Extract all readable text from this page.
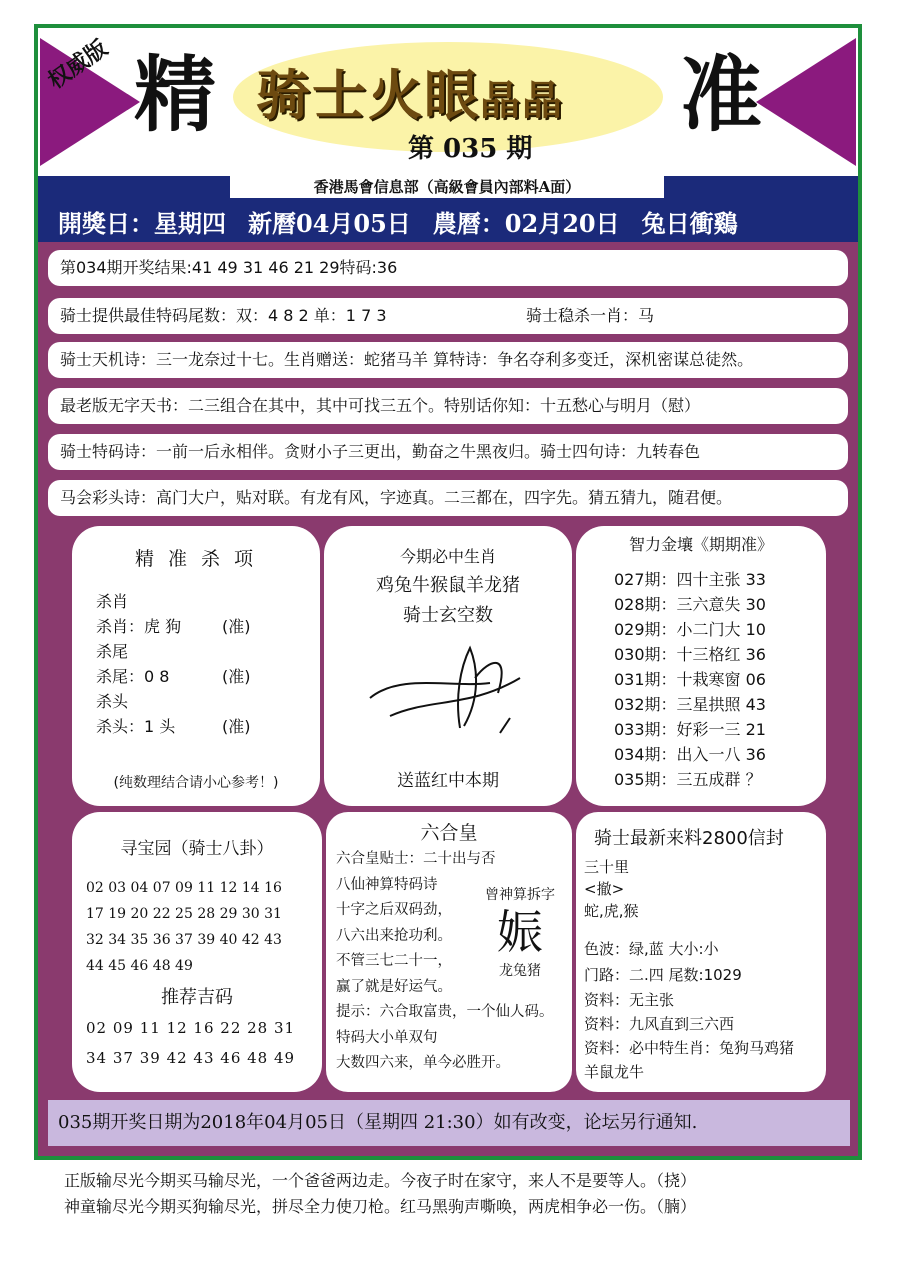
权威版 精	准
骑士火眼晶晶
第 035 期
開獎日：星期四 新曆04月05日 農曆：02月20日 兔日衝鷄
香港馬會信息部（高級會員內部料A面）
第034期开奖结果:41 49 31 46 21 29特码:36
骑士提供最佳特码尾数：双：4 8 2 单：1 7 3	骑士稳杀一肖：马
骑士天机诗：三一龙奈过十七。生肖赠送：蛇猪马羊 算特诗：争名夺利多变迁，深机密谋总徒然。
最老版无字天书：二三组合在其中，其中可找三五个。特别话你知：十五愁心与明月（慰）
骑士特码诗：一前一后永相伴。贪财小子三更出，勤奋之牛黑夜归。骑士四句诗：九转春色
马会彩头诗：高门大户，贴对联。有龙有风，字迹真。二三都在，四字先。猜五猜九，随君便。
精 准 杀 项

杀肖

杀肖：虎 狗	(准)

杀尾

杀尾：0 8	(准)

杀头

杀头：1 头	(准)

(纯数理结合请小心参考！)
今期必中生肖
鸡兔牛猴鼠羊龙猪
骑士玄空数
送蓝红中本期
智力金壤《期期准》
027期：四十主张 33
028期：三六意失 30
029期：小二门大 10
030期：十三格红 36
031期：十栽寒窗 06
032期：三星拱照 43
033期：好彩一三 21
034期：出入一八 36
035期：三五成群 ？
寻宝园（骑士八卦）
02 03 04 07 09 11 12 14 16
17 19 20 22 25 28 29 30 31
32 34 35 36 37 39 40 42 43
44 45 46 48 49
推荐吉码
02 09 11 12 16 22 28 31
34 37 39 42 43 46 48 49
六合皇
六合皇贴士：二十出与否
八仙神算特码诗
十字之后双码劲，
八六出来抢功利。
不管三七二十一，
赢了就是好运气。
提示：六合取富贵，一个仙人码。
特码大小单双句
大数四六来，单今必胜开。
曾神算拆字
娠
龙兔猪
骑士最新来料2800信封
三十里
<撤>
蛇,虎,猴
色波：绿,蓝 大小:小
门路：二.四 尾数:1029
资料：无主张
资料：九风直到三六西
资料：必中特生肖：兔狗马鸡猪
羊鼠龙牛
035期开奖日期为2018年04月05日（星期四 21:30）如有改变，论坛另行通知.
正版输尽光今期买马输尽光，一个爸爸两边走。今夜子时在家守，来人不是要等人。（挠）
神童输尽光今期买狗输尽光，拼尽全力使刀枪。红马黑驹声嘶唤，两虎相争必一伤。（腩）
